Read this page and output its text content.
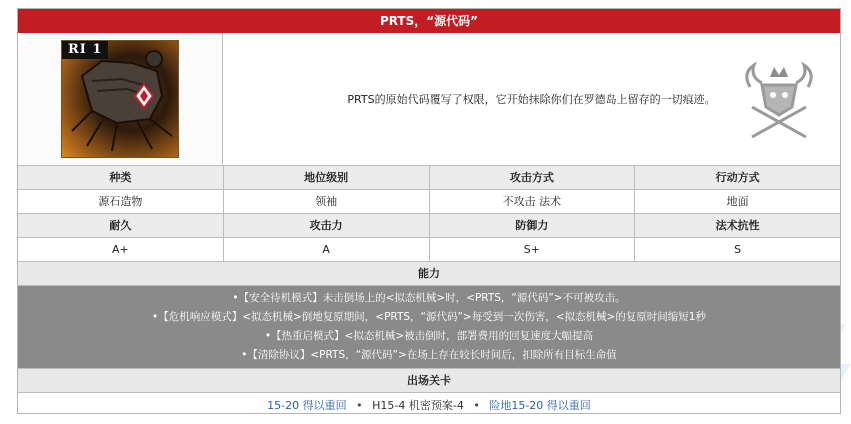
PRTS，“源代码”
RI 1
PRTS的原始代码覆写了权限，它开始抹除你们在罗德岛上留存的一切痕迹。
种类	地位级别	攻击方式	行动方式
源石造物	领袖	不攻击 法术	地面
耐久	攻击力	防御力	法术抗性
A+	A	S+	S
能力
•【安全待机模式】未击倒场上的<拟态机械>时，<PRTS，“源代码”>不可被攻击。
•【危机响应模式】<拟态机械>倒地复原期间，<PRTS，“源代码”>每受到一次伤害，<拟态机械>的复原时间缩短1秒
•【热重启模式】<拟态机械>被击倒时，部署费用的回复速度大幅提高
•【清除协议】<PRTS，“源代码”>在场上存在较长时间后，扣除所有目标生命值
出场关卡
15-20 得以重回 • H15-4 机密预案-4 • 险地15-20 得以重回
